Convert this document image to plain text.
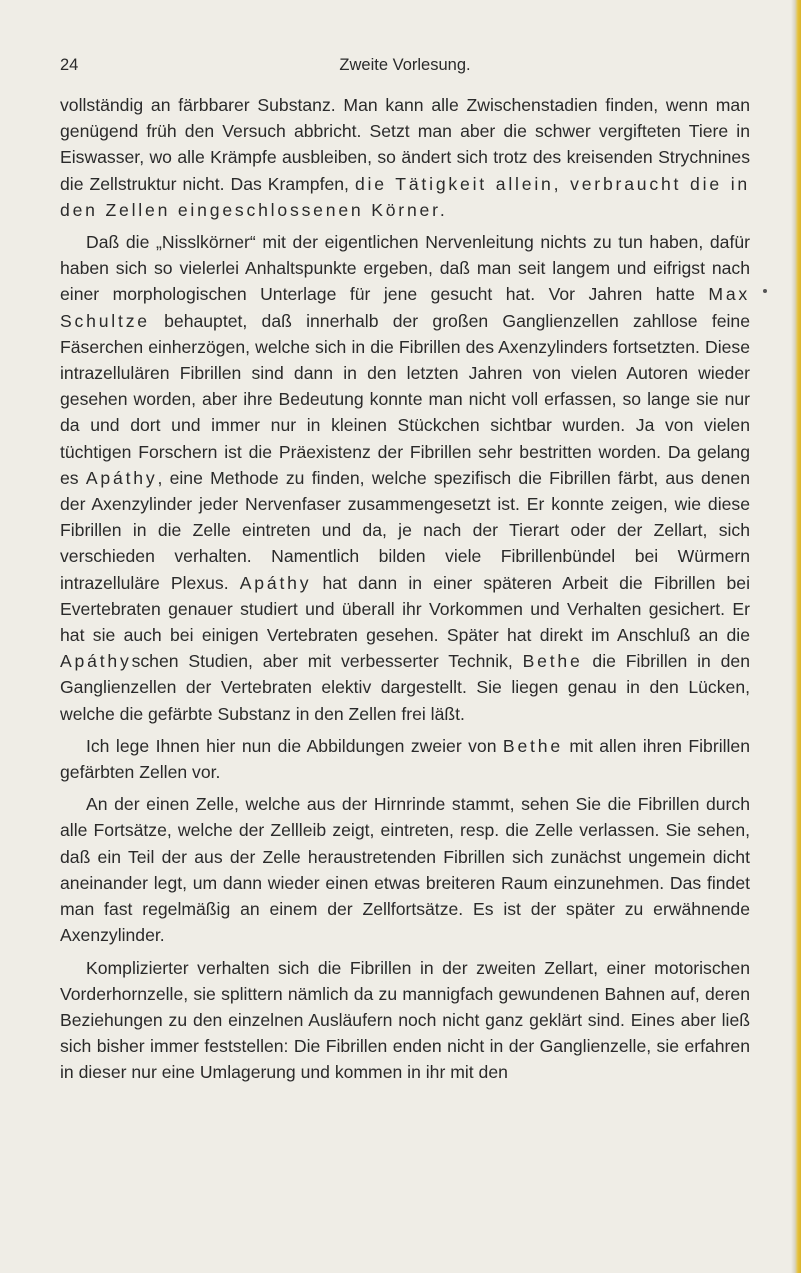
24	Zweite Vorlesung.

vollständig an färbbarer Substanz. Man kann alle Zwischenstadien finden, wenn man genügend früh den Versuch abbricht. Setzt man aber die schwer vergifteten Tiere in Eiswasser, wo alle Krämpfe ausbleiben, so ändert sich trotz des kreisenden Strychnines die Zellstruktur nicht. Das Krampfen, die Tätigkeit allein, verbraucht die in den Zellen eingeschlossenen Körner.

Daß die „Nisslkörner“ mit der eigentlichen Nervenleitung nichts zu tun haben, dafür haben sich so vielerlei Anhaltspunkte ergeben, daß man seit langem und eifrigst nach einer morphologischen Unterlage für jene gesucht hat. Vor Jahren hatte Max Schultze behauptet, daß innerhalb der großen Ganglienzellen zahllose feine Fäserchen einherzögen, welche sich in die Fibrillen des Axenzylinders fortsetzten. Diese intrazellulären Fibrillen sind dann in den letzten Jahren von vielen Autoren wieder gesehen worden, aber ihre Bedeutung konnte man nicht voll erfassen, so lange sie nur da und dort und immer nur in kleinen Stückchen sichtbar wurden. Ja von vielen tüchtigen Forschern ist die Präexistenz der Fibrillen sehr bestritten worden. Da gelang es Apáthy, eine Methode zu finden, welche spezifisch die Fibrillen färbt, aus denen der Axenzylinder jeder Nervenfaser zusammengesetzt ist. Er konnte zeigen, wie diese Fibrillen in die Zelle eintreten und da, je nach der Tierart oder der Zellart, sich verschieden verhalten. Namentlich bilden viele Fibrillenbündel bei Würmern intrazelluläre Plexus. Apáthy hat dann in einer späteren Arbeit die Fibrillen bei Evertebraten genauer studiert und überall ihr Vorkommen und Verhalten gesichert. Er hat sie auch bei einigen Vertebraten gesehen. Später hat direkt im Anschluß an die Apáthyschen Studien, aber mit verbesserter Technik, Bethe die Fibrillen in den Ganglienzellen der Vertebraten elektiv dargestellt. Sie liegen genau in den Lücken, welche die gefärbte Substanz in den Zellen frei läßt.

Ich lege Ihnen hier nun die Abbildungen zweier von Bethe mit allen ihren Fibrillen gefärbten Zellen vor.

An der einen Zelle, welche aus der Hirnrinde stammt, sehen Sie die Fibrillen durch alle Fortsätze, welche der Zellleib zeigt, eintreten, resp. die Zelle verlassen. Sie sehen, daß ein Teil der aus der Zelle heraustretenden Fibrillen sich zunächst ungemein dicht aneinander legt, um dann wieder einen etwas breiteren Raum einzunehmen. Das findet man fast regelmäßig an einem der Zellfortsätze. Es ist der später zu erwähnende Axenzylinder.

Komplizierter verhalten sich die Fibrillen in der zweiten Zellart, einer motorischen Vorderhornzelle, sie splittern nämlich da zu mannigfach gewundenen Bahnen auf, deren Beziehungen zu den einzelnen Ausläufern noch nicht ganz geklärt sind. Eines aber ließ sich bisher immer feststellen: Die Fibrillen enden nicht in der Ganglienzelle, sie erfahren in dieser nur eine Umlagerung und kommen in ihr mit den
